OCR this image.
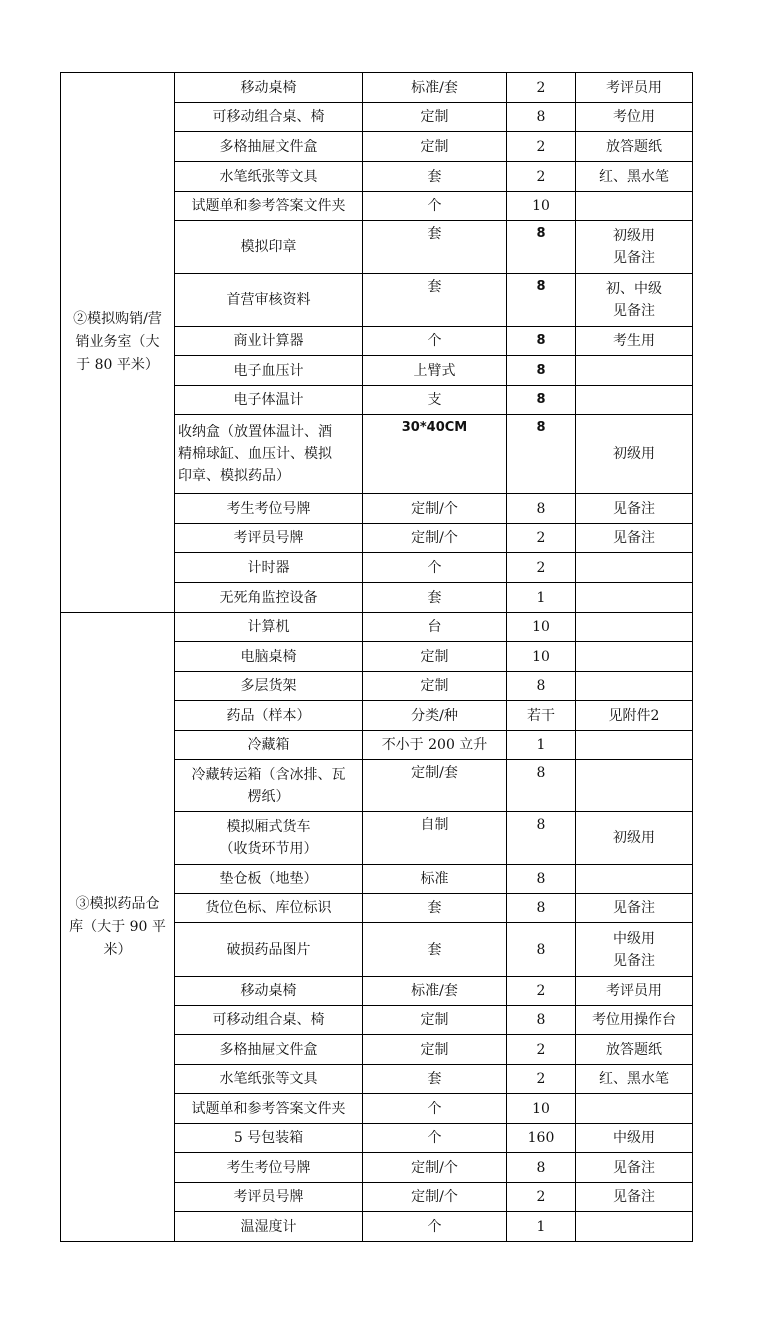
②模拟购销/营
销业务室（大
于 80 平米）	移动桌椅	标准/套	2	考评员用
	可移动组合桌、椅	定制	8	考位用
	多格抽屉文件盒	定制	2	放答题纸
	水笔纸张等文具	套	2	红、黑水笔
	试题单和参考答案文件夹	个	10	
	模拟印章	套	8	初级用
见备注

	首营审核资料	套	8	初、中级
见备注

	商业计算器	个	8	考生用
	电子血压计	上臂式	8	
	电子体温计	支	8	

	收纳盒（放置体温计、酒
精棉球缸、血压计、模拟
印章、模拟药品）	30*40CM	8	初级用
	考生考位号牌	定制/个	8	见备注
	考评员号牌	定制/个	2	见备注
	计时器	个	2	
	无死角监控设备	套	1	

③模拟药品仓
库（大于 90 平
米）	计算机	台	10	
	电脑桌椅	定制	10	
	多层货架	定制	8	
	药品（样本）	分类/种	若干	见附件2
	冷藏箱	不小于 200 立升	1	

	冷藏转运箱（含冰排、瓦
楞纸）	定制/套	8	

	模拟厢式货车
（收货环节用）	自制	8	初级用
	垫仓板（地垫）	标准	8	
	货位色标、库位标识	套	8	见备注
	破损药品图片	套	8	中级用
见备注

	移动桌椅	标准/套	2	考评员用
	可移动组合桌、椅	定制	8	考位用操作台
	多格抽屉文件盒	定制	2	放答题纸
	水笔纸张等文具	套	2	红、黑水笔
	试题单和参考答案文件夹	个	10	
	5 号包装箱	个	160	中级用
	考生考位号牌	定制/个	8	见备注
	考评员号牌	定制/个	2	见备注
	温湿度计	个	1	
